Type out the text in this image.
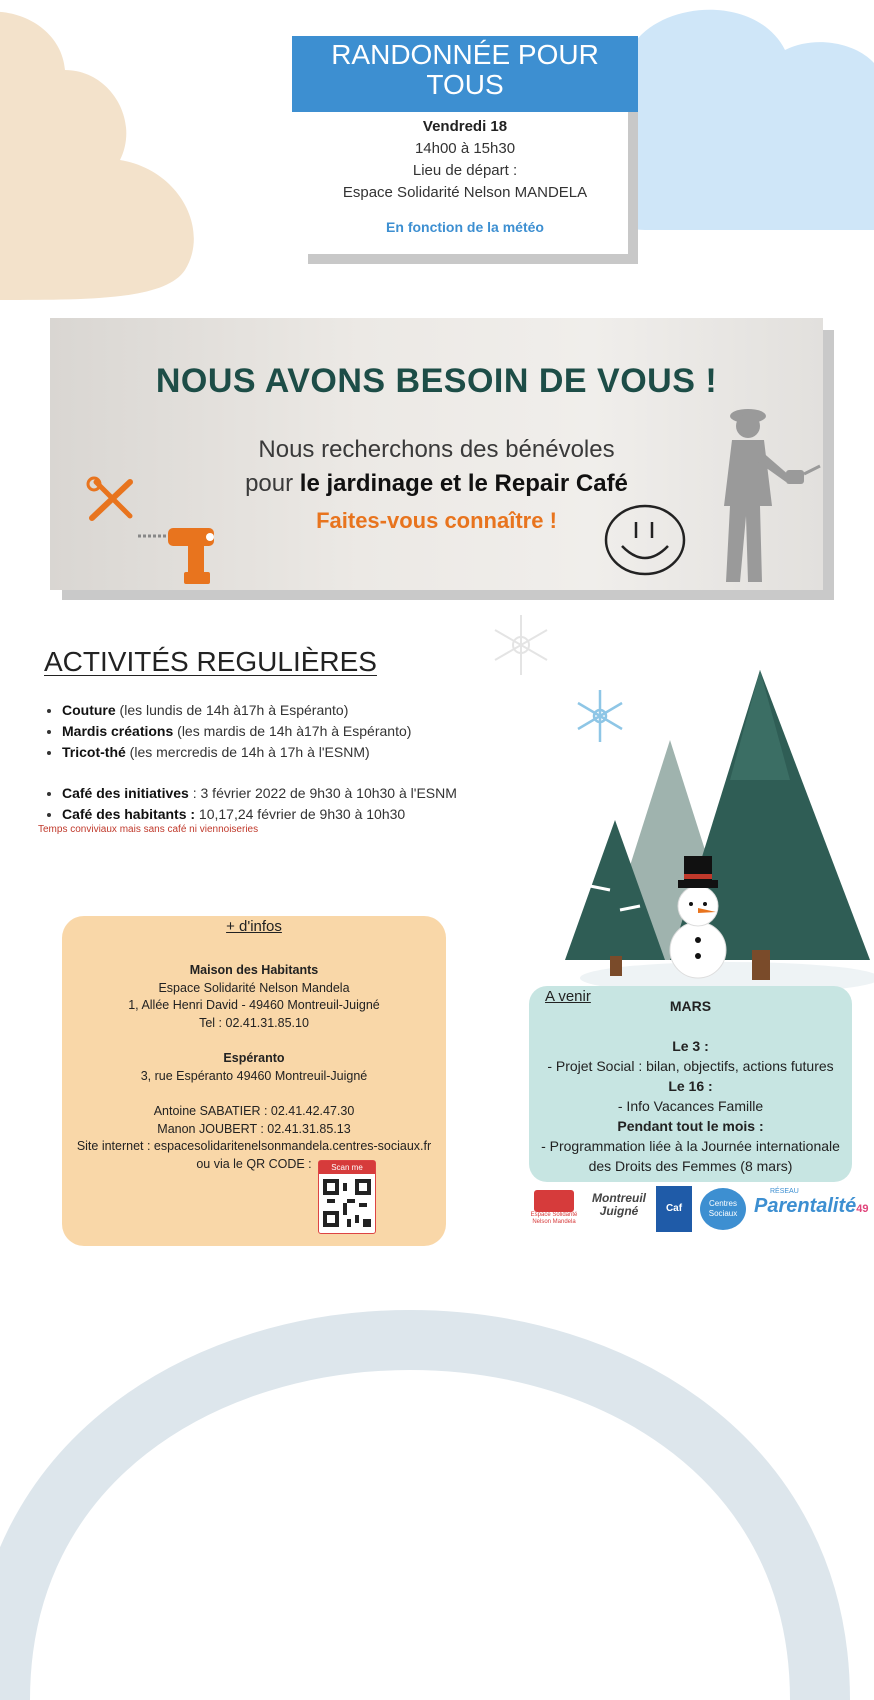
RANDONNÉE POUR TOUS
Vendredi 18
14h00 à 15h30
Lieu de départ :
Espace Solidarité Nelson MANDELA
En fonction de la météo
NOUS AVONS BESOIN DE VOUS !
Nous recherchons des bénévoles
pour le jardinage et le Repair Café
Faites-vous connaître !
ACTIVITÉS REGULIÈRES
• Couture (les lundis de 14h à17h à Espéranto)
• Mardis créations (les mardis de 14h à17h à Espéranto)
• Tricot-thé (les mercredis de 14h à 17h à l'ESNM)
• Café des initiatives : 3 février 2022 de 9h30 à 10h30 à l'ESNM
• Café des habitants : 10,17,24 février de 9h30 à 10h30
Temps conviviaux mais sans café ni viennoiseries
+ d'infos
Maison des Habitants
Espace Solidarité Nelson Mandela
1, Allée Henri David - 49460 Montreuil-Juigné
Tel : 02.41.31.85.10
Espéranto
3, rue Espéranto 49460 Montreuil-Juigné
Antoine SABATIER : 02.41.42.47.30
Manon JOUBERT : 02.41.31.85.13
Site internet : espacesolidaritenelsonmandela.centres-sociaux.fr
ou via le QR CODE :	Scan me
A venir
MARS
Le 3 :
- Projet Social : bilan, objectifs, actions futures
Le 16 :
- Info Vacances Famille
Pendant tout le mois :
- Programmation liée à la Journée internationale des Droits des Femmes (8 mars)
Espace Solidarité Nelson Mandela
Montreuil Juigné	Caf	Centres Sociaux
RÉSEAU
Parentalité49
